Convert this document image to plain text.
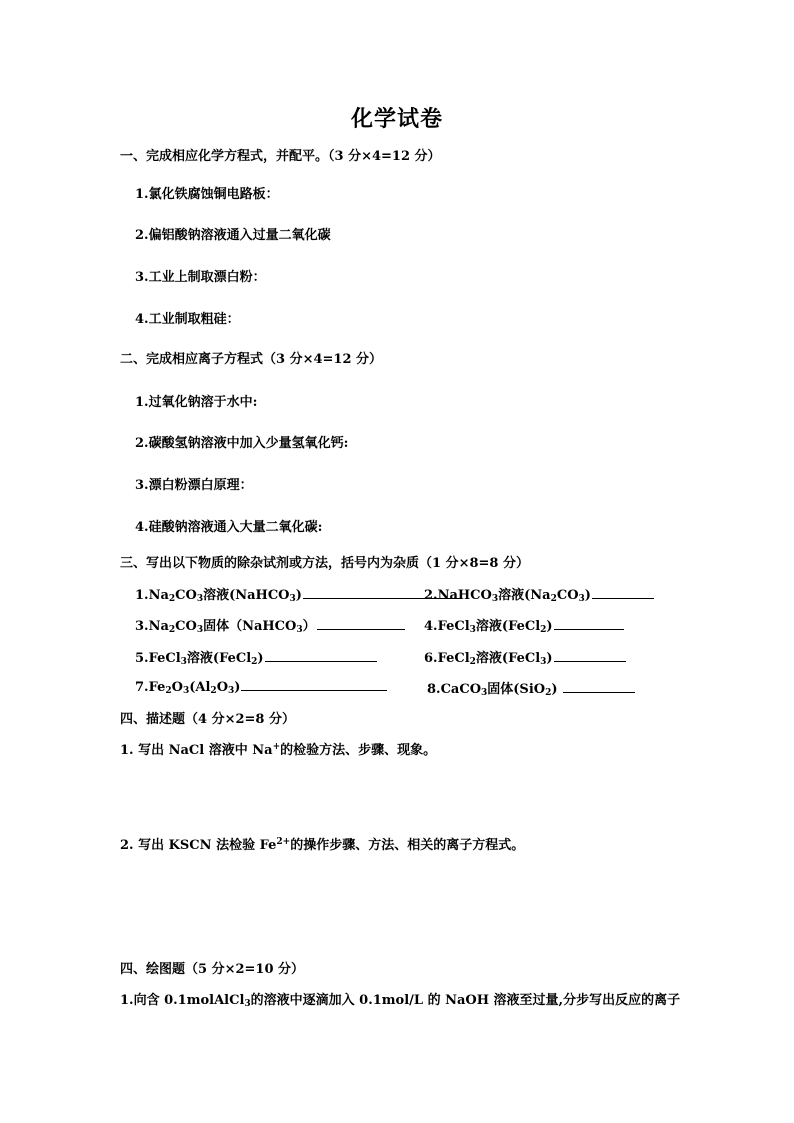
化学试卷
一、完成相应化学方程式，并配平。（3 分×4=12 分）
1.氯化铁腐蚀铜电路板：
2.偏铝酸钠溶液通入过量二氧化碳
3.工业上制取漂白粉：
4.工业制取粗硅：
二、完成相应离子方程式（3 分×4=12 分）
1.过氧化钠溶于水中:
2.碳酸氢钠溶液中加入少量氢氧化钙:
3.漂白粉漂白原理：
4.硅酸钠溶液通入大量二氧化碳:
三、写出以下物质的除杂试剂或方法，括号内为杂质（1 分×8=8 分）
$1.Na_2CO_3$溶液(NaHCO$_3$)	2.NaHCO$_3$溶液$(Na_2CO_3)$
$3.Na_2CO_3$固体（NaHCO$_3$）	4.FeCl$_3$溶液(FeCl$_2$)
5.FeCl$_3$溶液(FeCl$_2$)	6.FeCl$_2$溶液(FeCl$_3$)
$7.Fe_2O_3(Al_2O_3)$	8.CaCO$_3$固体(SiO$_2$)
四、描述题（4 分×2=8 分）
1. 写出 NaCl 溶液中 Na+的检验方法、步骤、现象。
2. 写出 KSCN 法检验 $Fe^{2+}$的操作步骤、方法、相关的离子方程式。
四、绘图题（5 分×2=10 分）
1.向含 0.1molAlCl$_3$的溶液中逐滴加入 0.1mol/L 的 NaOH 溶液至过量,分步写出反应的离子
